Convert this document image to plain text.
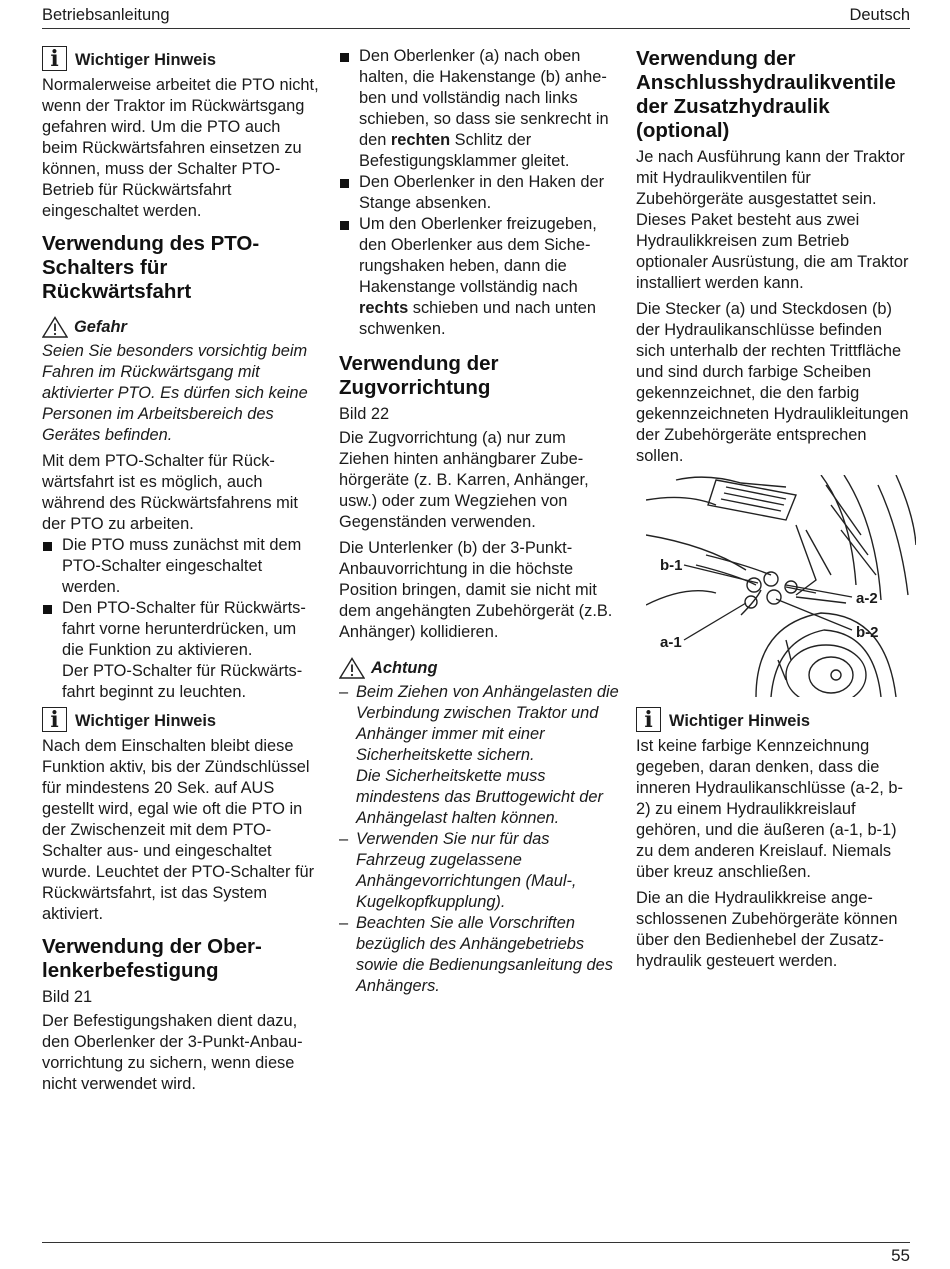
Betriebsanleitung	Deutsch
i Wichtiger Hinweis

Normalerweise arbeitet die PTO nicht, wenn der Traktor im Rückwärtsgang gefahren wird. Um die PTO auch beim Rückwärtsfahren einsetzen zu können, muss der Schalter PTO-Betrieb für Rückwärtsfahrt eingeschaltet werden.

Verwendung des PTO-Schalters für Rückwärtsfahrt
Gefahr

Seien Sie besonders vorsichtig beim Fahren im Rückwärtsgang mit aktivierter PTO. Es dürfen sich keine Personen im Arbeitsbereich des Gerätes befinden.

Mit dem PTO-Schalter für Rückwärtsfahrt ist es möglich, auch während des Rückwärtsfahrens mit der PTO zu arbeiten.

Die PTO muss zunächst mit dem PTO-Schalter eingeschaltet werden.
Den PTO-Schalter für Rückwärtsfahrt vorne herunterdrücken, um die Funktion zu aktivieren.
Der PTO-Schalter für Rückwärtsfahrt beginnt zu leuchten.
i Wichtiger Hinweis

Nach dem Einschalten bleibt diese Funktion aktiv, bis der Zündschlüssel für mindestens 20 Sek. auf AUS gestellt wird, egal wie oft die PTO in der Zwischenzeit mit dem PTO-Schalter aus- und eingeschaltet wurde. Leuchtet der PTO-Schalter für Rückwärtsfahrt, ist das System aktiviert.

Verwendung der Oberlenkerbefestigung

Bild 21

Der Befestigungshaken dient dazu, den Oberlenker der 3-Punkt-Anbauvorrichtung zu sichern, wenn diese nicht verwendet wird.

Den Oberlenker (a) nach oben halten, die Hakenstange (b) anheben und vollständig nach links schieben, so dass sie senkrecht in den rechten Schlitz der Befestigungsklammer gleitet.
Den Oberlenker in den Haken der Stange absenken.
Um den Oberlenker freizugeben, den Oberlenker aus dem Sicherungshaken heben, dann die Hakenstange vollständig nach rechts schieben und nach unten schwenken.
Verwendung der Zugvorrichtung

Bild 22

Die Zugvorrichtung (a) nur zum Ziehen hinten anhängbarer Zubehörgeräte (z. B. Karren, Anhänger, usw.) oder zum Wegziehen von Gegenständen verwenden.

Die Unterlenker (b) der 3-Punkt-Anbauvorrichtung in die höchste Position bringen, damit sie nicht mit dem angehängten Zubehörgerät (z.B. Anhänger) kollidieren.

Achtung
– Beim Ziehen von Anhängelasten die Verbindung zwischen Traktor und Anhänger immer mit einer Sicherheitskette sichern.
Die Sicherheitskette muss mindestens das Bruttogewicht der Anhängelast halten können.
– Verwenden Sie nur für das Fahrzeug zugelassene Anhängevorrichtungen (Maul-, Kugelkopfkupplung).
– Beachten Sie alle Vorschriften bezüglich des Anhängebetriebs sowie die Bedienungsanleitung des Anhängers.
Verwendung der Anschlusshydraulikventile der Zusatzhydraulik (optional)

Je nach Ausführung kann der Traktor mit Hydraulikventilen für Zubehörgeräte ausgestattet sein. Dieses Paket besteht aus zwei Hydraulikkreisen zum Betrieb optionaler Ausrüstung, die am Traktor installiert werden kann.

Die Stecker (a) und Steckdosen (b) der Hydraulikanschlüsse befinden sich unterhalb der rechten Trittfläche und sind durch farbige Scheiben gekennzeichnet, die den farbig gekennzeichneten Hydraulikleitungen der Zubehörgeräte entsprechen sollen.

b-1
a-2
b-2
a-1
i Wichtiger Hinweis

Ist keine farbige Kennzeichnung gegeben, daran denken, dass die inneren Hydraulikanschlüsse (a-2, b-2) zu einem Hydraulikkreislauf gehören, und die äußeren (a-1, b-1) zu dem anderen Kreislauf. Niemals über kreuz anschließen.

Die an die Hydraulikkreise angeschlossenen Zubehörgeräte können über den Bedienhebel der Zusatzhydraulik gesteuert werden.

55
